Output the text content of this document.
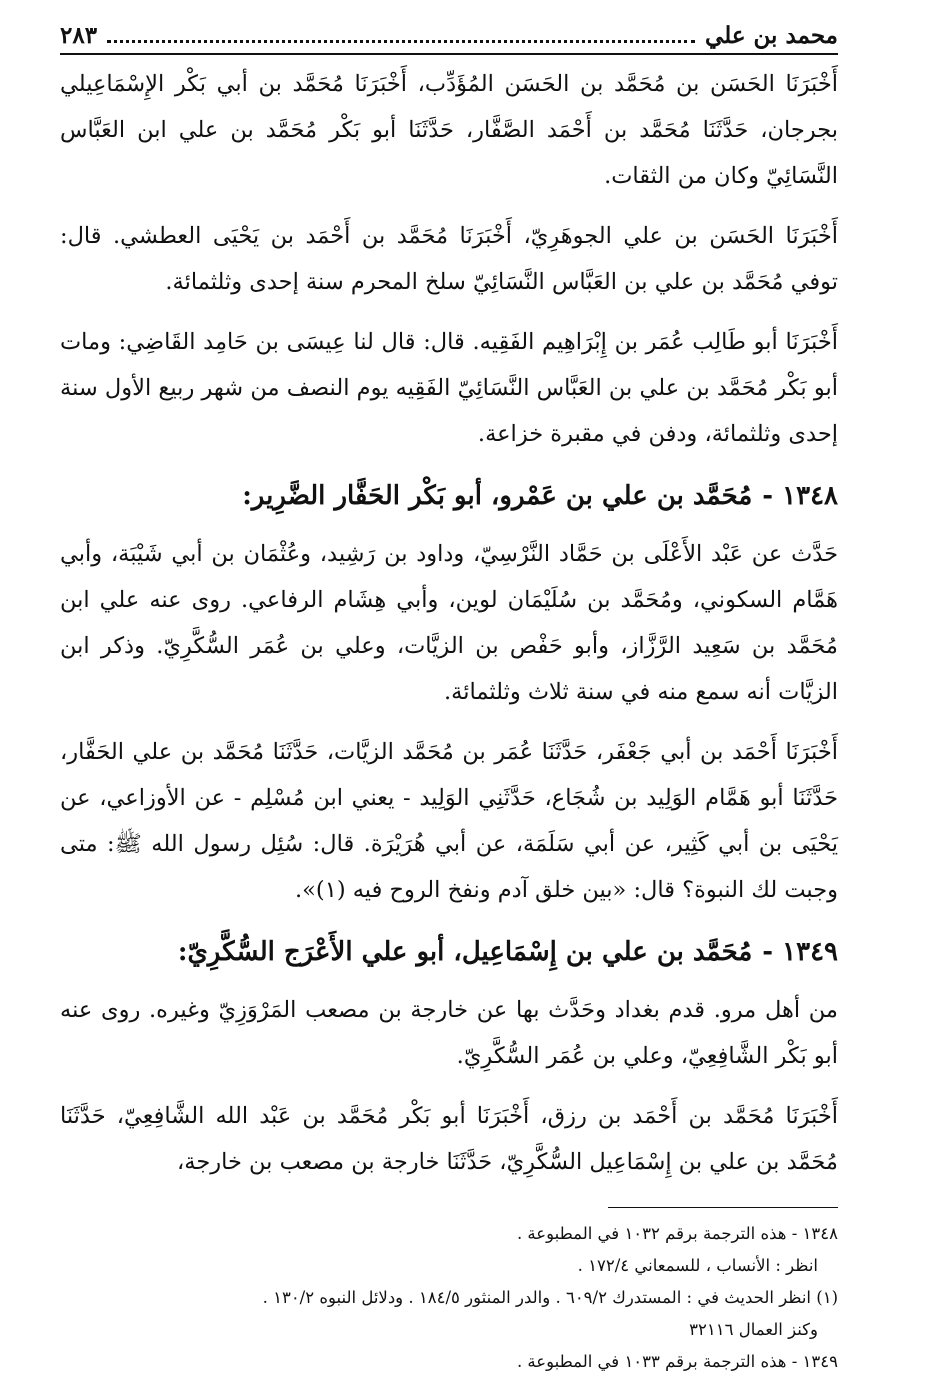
محمد بن علي
٢٨٣

أَخْبَرَنَا الحَسَن بن مُحَمَّد بن الحَسَن المُؤَدِّب، أَخْبَرَنَا مُحَمَّد بن أبي بَكْر الإِسْمَاعِيلي بجرجان، حَدَّثَنَا مُحَمَّد بن أَحْمَد الصَّفَّار، حَدَّثَنَا أبو بَكْر مُحَمَّد بن علي ابن العَبَّاس النَّسَائِيّ وكان من الثقات.

أَخْبَرَنَا الحَسَن بن علي الجوهَرِيّ، أَخْبَرَنَا مُحَمَّد بن أَحْمَد بن يَحْيَى العطشي. قال: توفي مُحَمَّد بن علي بن العَبَّاس النَّسَائِيّ سلخ المحرم سنة إحدى وثلثمائة.

أَخْبَرَنَا أبو طَالِب عُمَر بن إِبْرَاهِيم الفَقِيه. قال: قال لنا عِيسَى بن حَامِد القَاضِي: ومات أبو بَكْر مُحَمَّد بن علي بن العَبَّاس النَّسَائِيّ الفَقِيه يوم النصف من شهر ربيع الأول سنة إحدى وثلثمائة، ودفن في مقبرة خزاعة.

١٣٤٨ -مُحَمَّد بن علي بن عَمْرو، أبو بَكْر الحَفَّار الضَّرِير:

حَدَّث عن عَبْد الأَعْلَى بن حَمَّاد النَّرْسِيّ، وداود بن رَشِيد، وعُثْمَان بن أبي شَيْبَة، وأبي هَمَّام السكوني، ومُحَمَّد بن سُلَيْمَان لوين، وأبي هِشَام الرفاعي. روى عنه علي ابن مُحَمَّد بن سَعِيد الرَّزَّاز، وأبو حَفْص بن الزيَّات، وعلي بن عُمَر السُّكَّرِيّ. وذكر ابن الزيَّات أنه سمع منه في سنة ثلاث وثلثمائة.

أَخْبَرَنَا أَحْمَد بن أبي جَعْفَر، حَدَّثَنَا عُمَر بن مُحَمَّد الزيَّات، حَدَّثَنَا مُحَمَّد بن علي الحَفَّار، حَدَّثَنَا أبو هَمَّام الوَلِيد بن شُجَاع، حَدَّثَنِي الوَلِيد - يعني ابن مُسْلِم - عن الأوزاعي، عن يَحْيَى بن أبي كَثِير، عن أبي سَلَمَة، عن أبي هُرَيْرَة. قال: سُئِل رسول الله ﷺ: متى وجبت لك النبوة؟ قال: «بين خلق آدم ونفخ الروح فيه (١)».

١٣٤٩ -مُحَمَّد بن علي بن إِسْمَاعِيل، أبو علي الأَعْرَج السُّكَّرِيّ:

من أهل مرو. قدم بغداد وحَدَّث بها عن خارجة بن مصعب المَرْوَزِيّ وغيره. روى عنه أبو بَكْر الشَّافِعِيّ، وعلي بن عُمَر السُّكَّرِيّ.

أَخْبَرَنَا مُحَمَّد بن أَحْمَد بن رزق، أَخْبَرَنَا أبو بَكْر مُحَمَّد بن عَبْد الله الشَّافِعِيّ، حَدَّثَنَا مُحَمَّد بن علي بن إِسْمَاعِيل السُّكَّرِيّ، حَدَّثَنَا خارجة بن مصعب بن خارجة،

١٣٤٨ - هذه الترجمة برقم ١٠٣٢ في المطبوعة .

انظر : الأنساب ، للسمعاني ١٧٢/٤ .

(١) انظر الحديث في : المستدرك ٦٠٩/٢ . والدر المنثور ١٨٤/٥ . ودلائل النبوه ١٣٠/٢ .

وكنز العمال ٣٢١١٦

١٣٤٩ - هذه الترجمة برقم ١٠٣٣ في المطبوعة .
